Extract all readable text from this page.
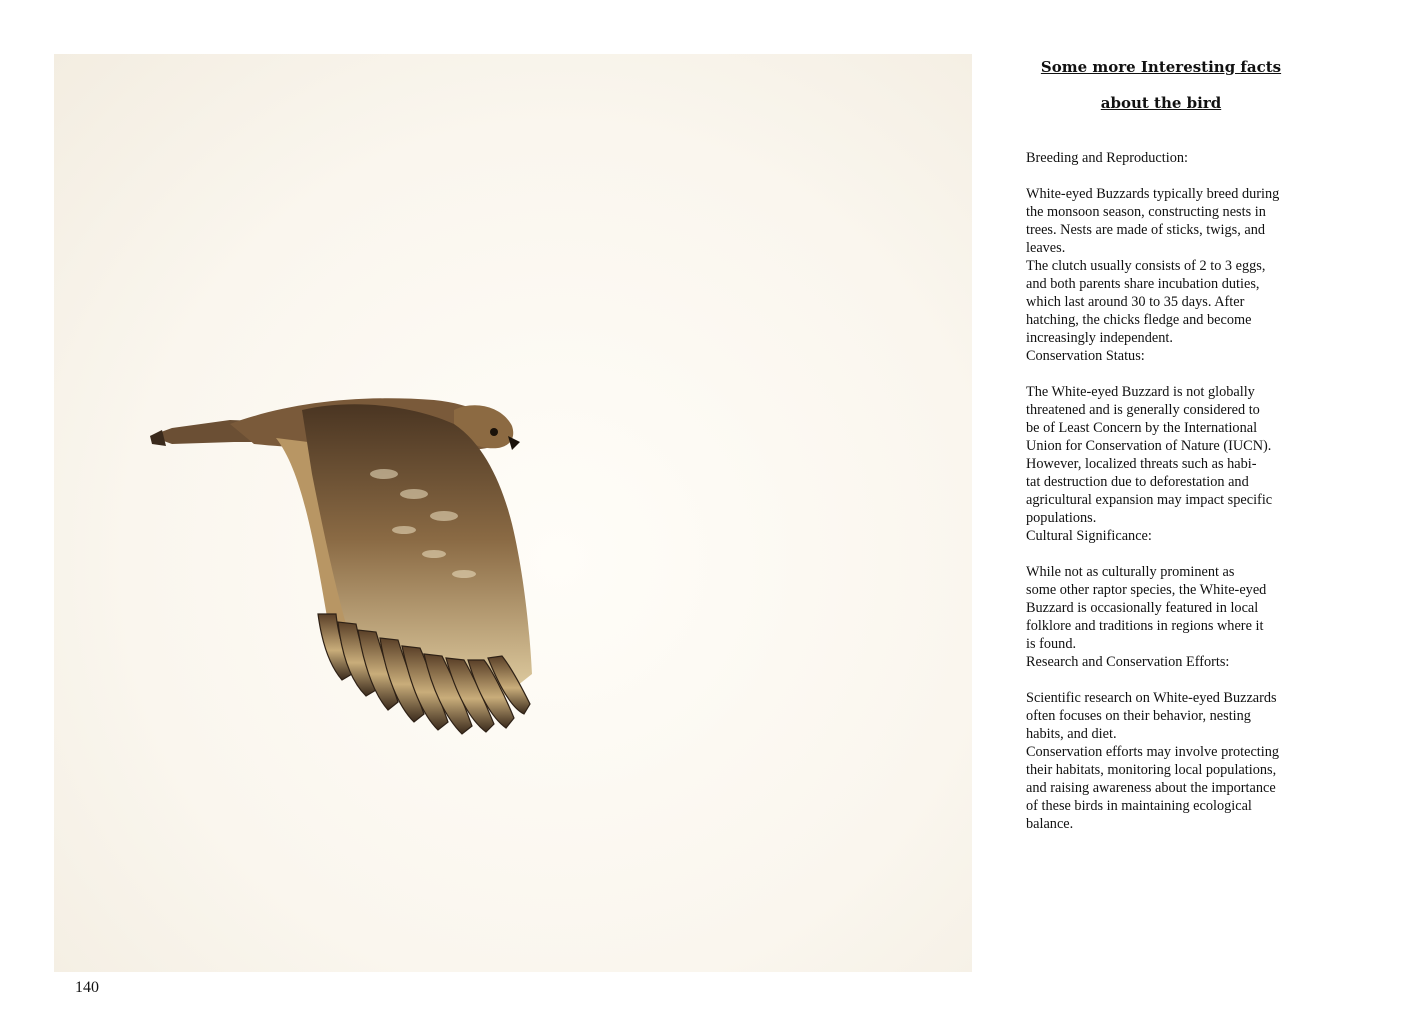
140
Some more Interesting facts
about the bird

Breeding and Reproduction:

White-eyed Buzzards typically breed during

the monsoon season, constructing nests in

trees. Nests are made of sticks, twigs, and

leaves.

The clutch usually consists of 2 to 3 eggs,

and both parents share incubation duties,

which last around 30 to 35 days. After

hatching, the chicks fledge and become

increasingly independent.

Conservation Status:

The White-eyed Buzzard is not globally

threatened and is generally considered to

be of Least Concern by the International

Union for Conservation of Nature (IUCN).

However, localized threats such as habi-

tat destruction due to deforestation and

agricultural expansion may impact specific

populations.

Cultural Significance:

While not as culturally prominent as

some other raptor species, the White-eyed

Buzzard is occasionally featured in local

folklore and traditions in regions where it

is found.

Research and Conservation Efforts:

Scientific research on White-eyed Buzzards

often focuses on their behavior, nesting

habits, and diet.

Conservation efforts may involve protecting

their habitats, monitoring local populations,

and raising awareness about the importance

of these birds in maintaining ecological

balance.
